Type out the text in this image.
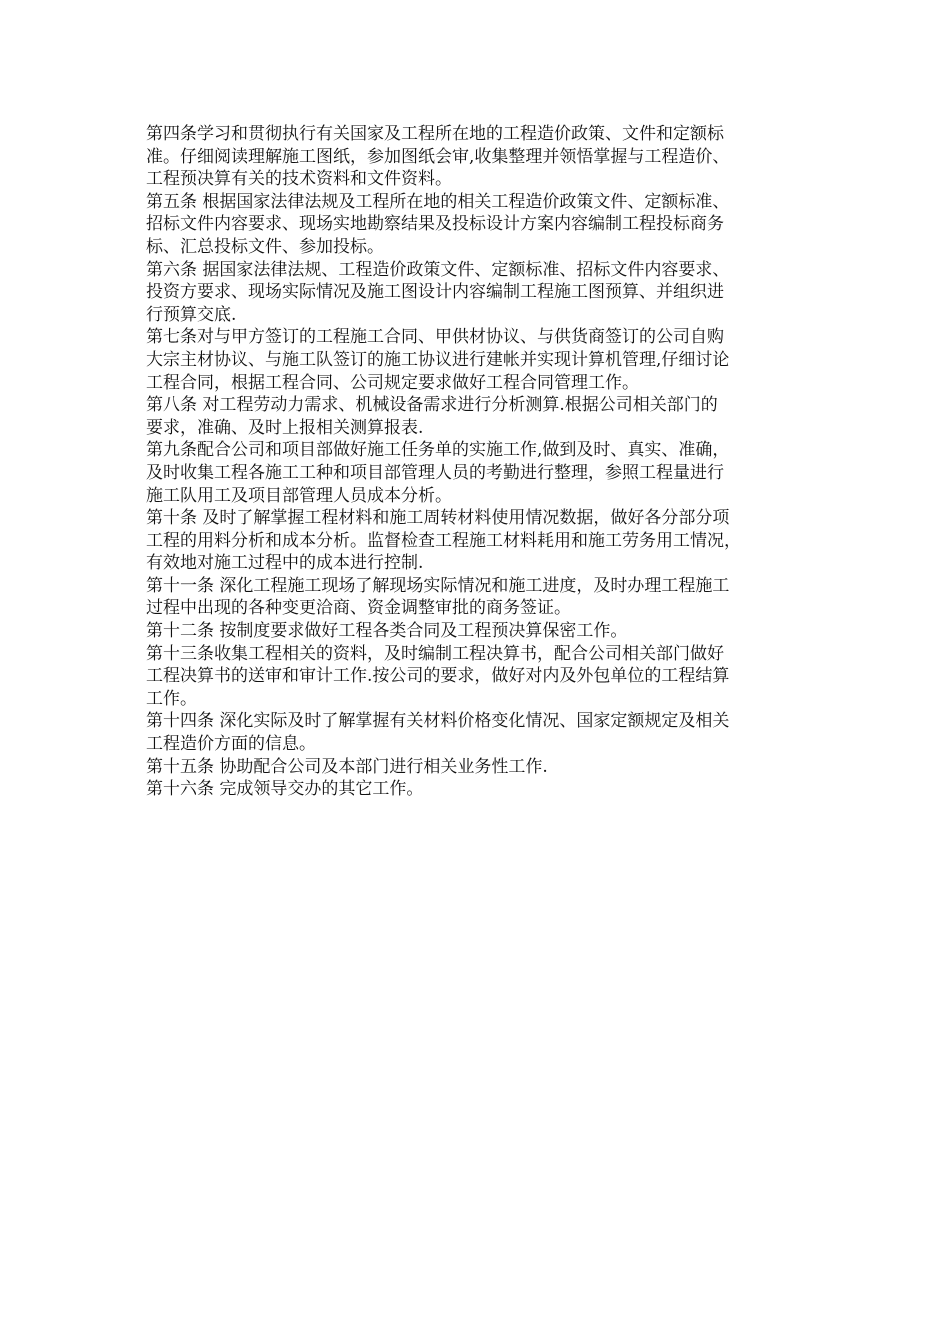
第四条学习和贯彻执行有关国家及工程所在地的工程造价政策、文件和定额标
准。仔细阅读理解施工图纸，参加图纸会审,收集整理并领悟掌握与工程造价、
工程预决算有关的技术资料和文件资料。

第五条 根据国家法律法规及工程所在地的相关工程造价政策文件、定额标准、
招标文件内容要求、现场实地勘察结果及投标设计方案内容编制工程投标商务
标、汇总投标文件、参加投标。

第六条 据国家法律法规、工程造价政策文件、定额标准、招标文件内容要求、
投资方要求、现场实际情况及施工图设计内容编制工程施工图预算、并组织进
行预算交底.

第七条对与甲方签订的工程施工合同、甲供材协议、与供货商签订的公司自购
大宗主材协议、与施工队签订的施工协议进行建帐并实现计算机管理,仔细讨论
工程合同，根据工程合同、公司规定要求做好工程合同管理工作。

第八条 对工程劳动力需求、机械设备需求进行分析测算.根据公司相关部门的
要求，准确、及时上报相关测算报表.

第九条配合公司和项目部做好施工任务单的实施工作,做到及时、真实、准确，
及时收集工程各施工工种和项目部管理人员的考勤进行整理，参照工程量进行
施工队用工及项目部管理人员成本分析。

第十条 及时了解掌握工程材料和施工周转材料使用情况数据，做好各分部分项
工程的用料分析和成本分析。监督检查工程施工材料耗用和施工劳务用工情况，
有效地对施工过程中的成本进行控制.

第十一条 深化工程施工现场了解现场实际情况和施工进度，及时办理工程施工
过程中出现的各种变更洽商、资金调整审批的商务签证。

第十二条 按制度要求做好工程各类合同及工程预决算保密工作。

第十三条收集工程相关的资料，及时编制工程决算书，配合公司相关部门做好
工程决算书的送审和审计工作.按公司的要求，做好对内及外包单位的工程结算
工作。

第十四条 深化实际及时了解掌握有关材料价格变化情况、国家定额规定及相关
工程造价方面的信息。

第十五条 协助配合公司及本部门进行相关业务性工作.

第十六条 完成领导交办的其它工作。
